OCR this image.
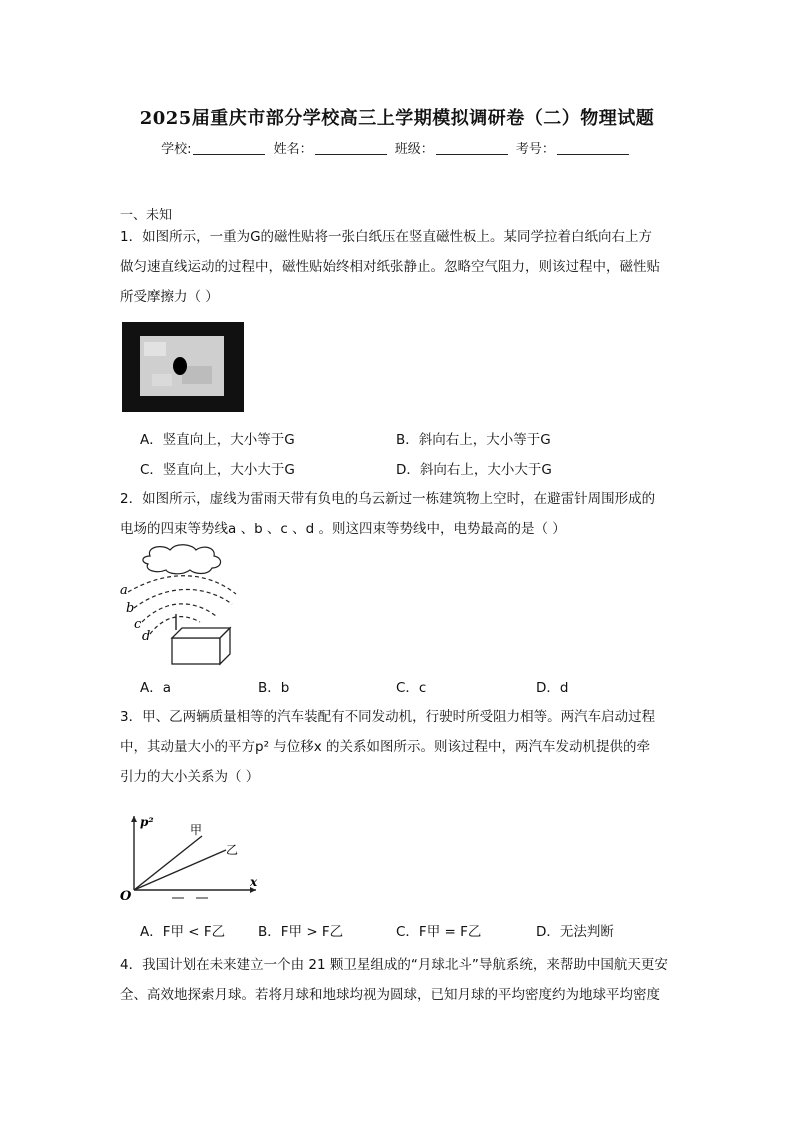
2025届重庆市部分学校高三上学期模拟调研卷（二）物理试题
学校:	姓名：	班级：	考号：
一、未知

1．如图所示，一重为G的磁性贴将一张白纸压在竖直磁性板上。某同学拉着白纸向右上方

做匀速直线运动的过程中，磁性贴始终相对纸张静止。忽略空气阻力，则该过程中，磁性贴

所受摩擦力（ ）

A．竖直向上，大小等于G	B．斜向右上，大小等于G
C．竖直向上，大小大于G	D．斜向右上，大小大于G

2．如图所示，虚线为雷雨天带有负电的乌云新过一栋建筑物上空时，在避雷针周围形成的

电场的四束等势线a 、b 、c 、d 。则这四束等势线中，电势最高的是（ ）

a
b
c
d
A．a	B．b	C．c	D．d

3．甲、乙两辆质量相等的汽车装配有不同发动机，行驶时所受阻力相等。两汽车启动过程

中，其动量大小的平方p² 与位移x 的关系如图所示。则该过程中，两汽车发动机提供的牵

引力的大小关系为（ ）

p²
x
O
甲
乙
A．F甲 < F乙 B．F甲 > F乙	C．F甲 = F乙	D．无法判断

4．我国计划在未来建立一个由 21 颗卫星组成的“月球北斗”导航系统，来帮助中国航天更安

全、高效地探索月球。若将月球和地球均视为圆球，已知月球的平均密度约为地球平均密度
